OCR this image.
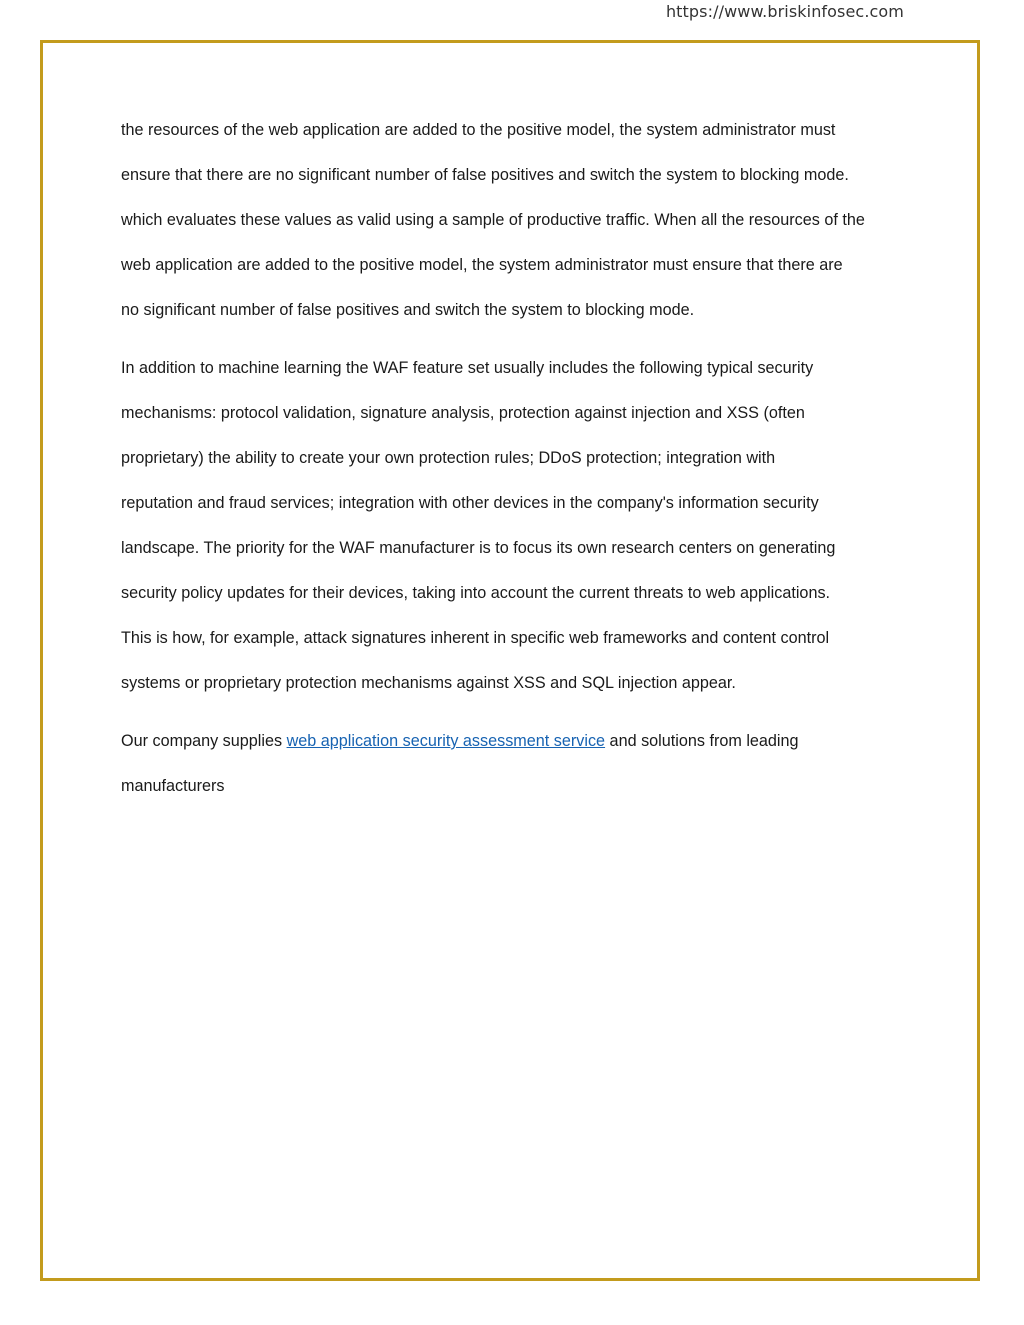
https://www.briskinfosec.com

the resources of the web application are added to the positive model, the system administrator must
ensure that there are no significant number of false positives and switch the system to blocking mode.
which evaluates these values as valid using a sample of productive traffic. When all the resources of the
web application are added to the positive model, the system administrator must ensure that there are
no significant number of false positives and switch the system to blocking mode.

In addition to machine learning the WAF feature set usually includes the following typical security
mechanisms: protocol validation, signature analysis, protection against injection and XSS (often
proprietary) the ability to create your own protection rules; DDoS protection; integration with
reputation and fraud services; integration with other devices in the company's information security
landscape. The priority for the WAF manufacturer is to focus its own research centers on generating
security policy updates for their devices, taking into account the current threats to web applications.
This is how, for example, attack signatures inherent in specific web frameworks and content control
systems or proprietary protection mechanisms against XSS and SQL injection appear.

Our company supplies web application security assessment service and solutions from leading
manufacturers
